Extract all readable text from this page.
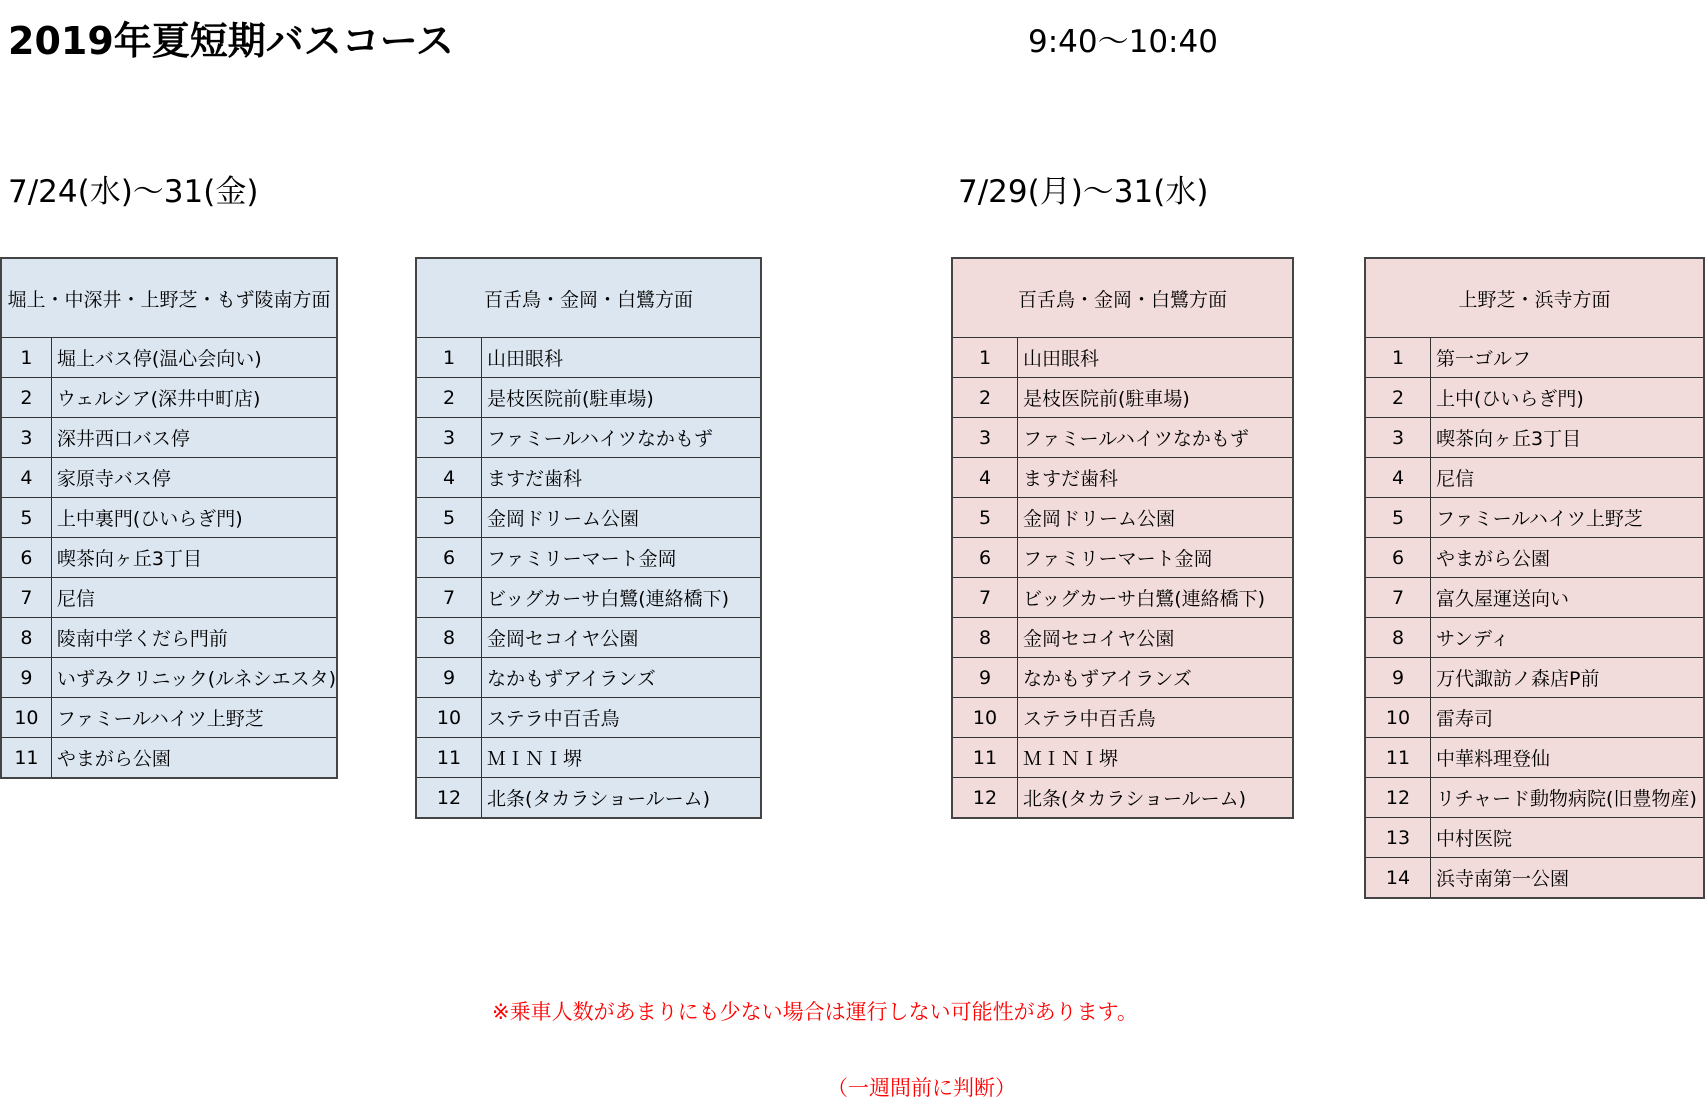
2019年夏短期バスコース	9:40～10:40
7/24(水)～31(金)	7/29(月)～31(水)
堀上・中深井・上野芝・もず陵南方面	
1	堀上バス停(温心会向い)
2	ウェルシア(深井中町店)
3	深井西口バス停
4	家原寺バス停
5	上中裏門(ひいらぎ門)
6	喫茶向ヶ丘3丁目
7	尼信
8	陵南中学くだら門前
9	いずみクリニック(ルネシエスタ)
10	ファミールハイツ上野芝
11	やまがら公園
百舌鳥・金岡・白鷺方面	
1	山田眼科
2	是枝医院前(駐車場)
3	ファミールハイツなかもず
4	ますだ歯科
5	金岡ドリーム公園
6	ファミリーマート金岡
7	ビッグカーサ白鷺(連絡橋下)
8	金岡セコイヤ公園
9	なかもずアイランズ
10	ステラ中百舌鳥
11	ＭＩＮＩ堺
12	北条(タカラショールーム)
百舌鳥・金岡・白鷺方面	
1	山田眼科
2	是枝医院前(駐車場)
3	ファミールハイツなかもず
4	ますだ歯科
5	金岡ドリーム公園
6	ファミリーマート金岡
7	ビッグカーサ白鷺(連絡橋下)
8	金岡セコイヤ公園
9	なかもずアイランズ
10	ステラ中百舌鳥
11	ＭＩＮＩ堺
12	北条(タカラショールーム)
上野芝・浜寺方面	
1	第一ゴルフ
2	上中(ひいらぎ門)
3	喫茶向ヶ丘3丁目
4	尼信
5	ファミールハイツ上野芝
6	やまがら公園
7	富久屋運送向い
8	サンディ
9	万代諏訪ノ森店P前
10	雷寿司
11	中華料理登仙
12	リチャード動物病院(旧豊物産)
13	中村医院
14	浜寺南第一公園
※乗車人数があまりにも少ない場合は運行しない可能性があります。
（一週間前に判断）
